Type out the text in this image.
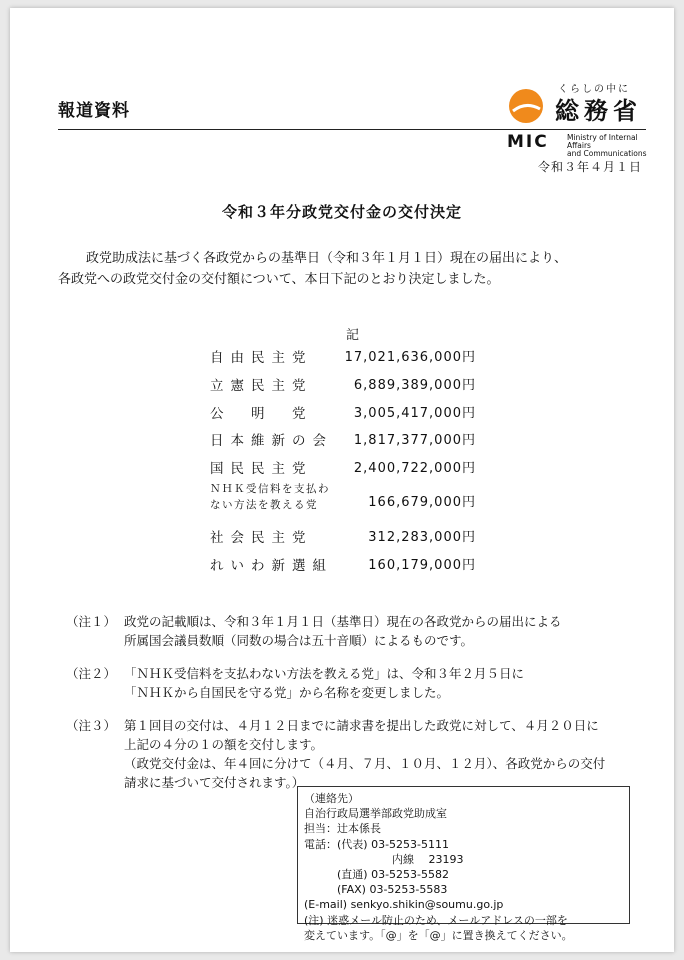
報道資料
くらしの中に
総務省
MIC Ministry of Internal Affairs
and Communications
令和３年４月１日
令和３年分政党交付金の交付決定

政党助成法に基づく各政党からの基準日（令和３年１月１日）現在の届出により、

各政党への政党交付金の交付額について、本日下記のとおり決定しました。

記
自由民主党 17,021,636,000円
立憲民主党	6,889,389,000円
公　明　党	3,005,417,000円
日本維新の会 1,817,377,000円
国民民主党	2,400,722,000円
ＮＨＫ受信料を支払わ
ない方法を教える党	166,679,000円
社会民主党	312,283,000円
れいわ新選組	160,179,000円
（注１） 政党の記載順は、令和３年１月１日（基準日）現在の各政党からの届出による
所属国会議員数順（同数の場合は五十音順）によるものです。
（注２） 「ＮＨＫ受信料を支払わない方法を教える党」は、令和３年２月５日に
「ＮＨＫから自国民を守る党」から名称を変更しました。
（注３） 第１回目の交付は、４月１２日までに請求書を提出した政党に対して、４月２０日に
上記の４分の１の額を交付します。
（政党交付金は、年４回に分けて（４月、７月、１０月、１２月）、各政党からの交付
請求に基づいて交付されます。）
（連絡先）
自治行政局選挙部政党助成室
担当：辻本係長
電話：(代表) 03-5253-5111
　　　　　　　　内線　 23193
　　　(直通) 03-5253-5582
　　　(FAX) 03-5253-5583
(E-mail) senkyo.shikin@soumu.go.jp
(注) 迷惑メール防止のため、メールアドレスの一部を
変えています。「@」を「@」に置き換えてください。
